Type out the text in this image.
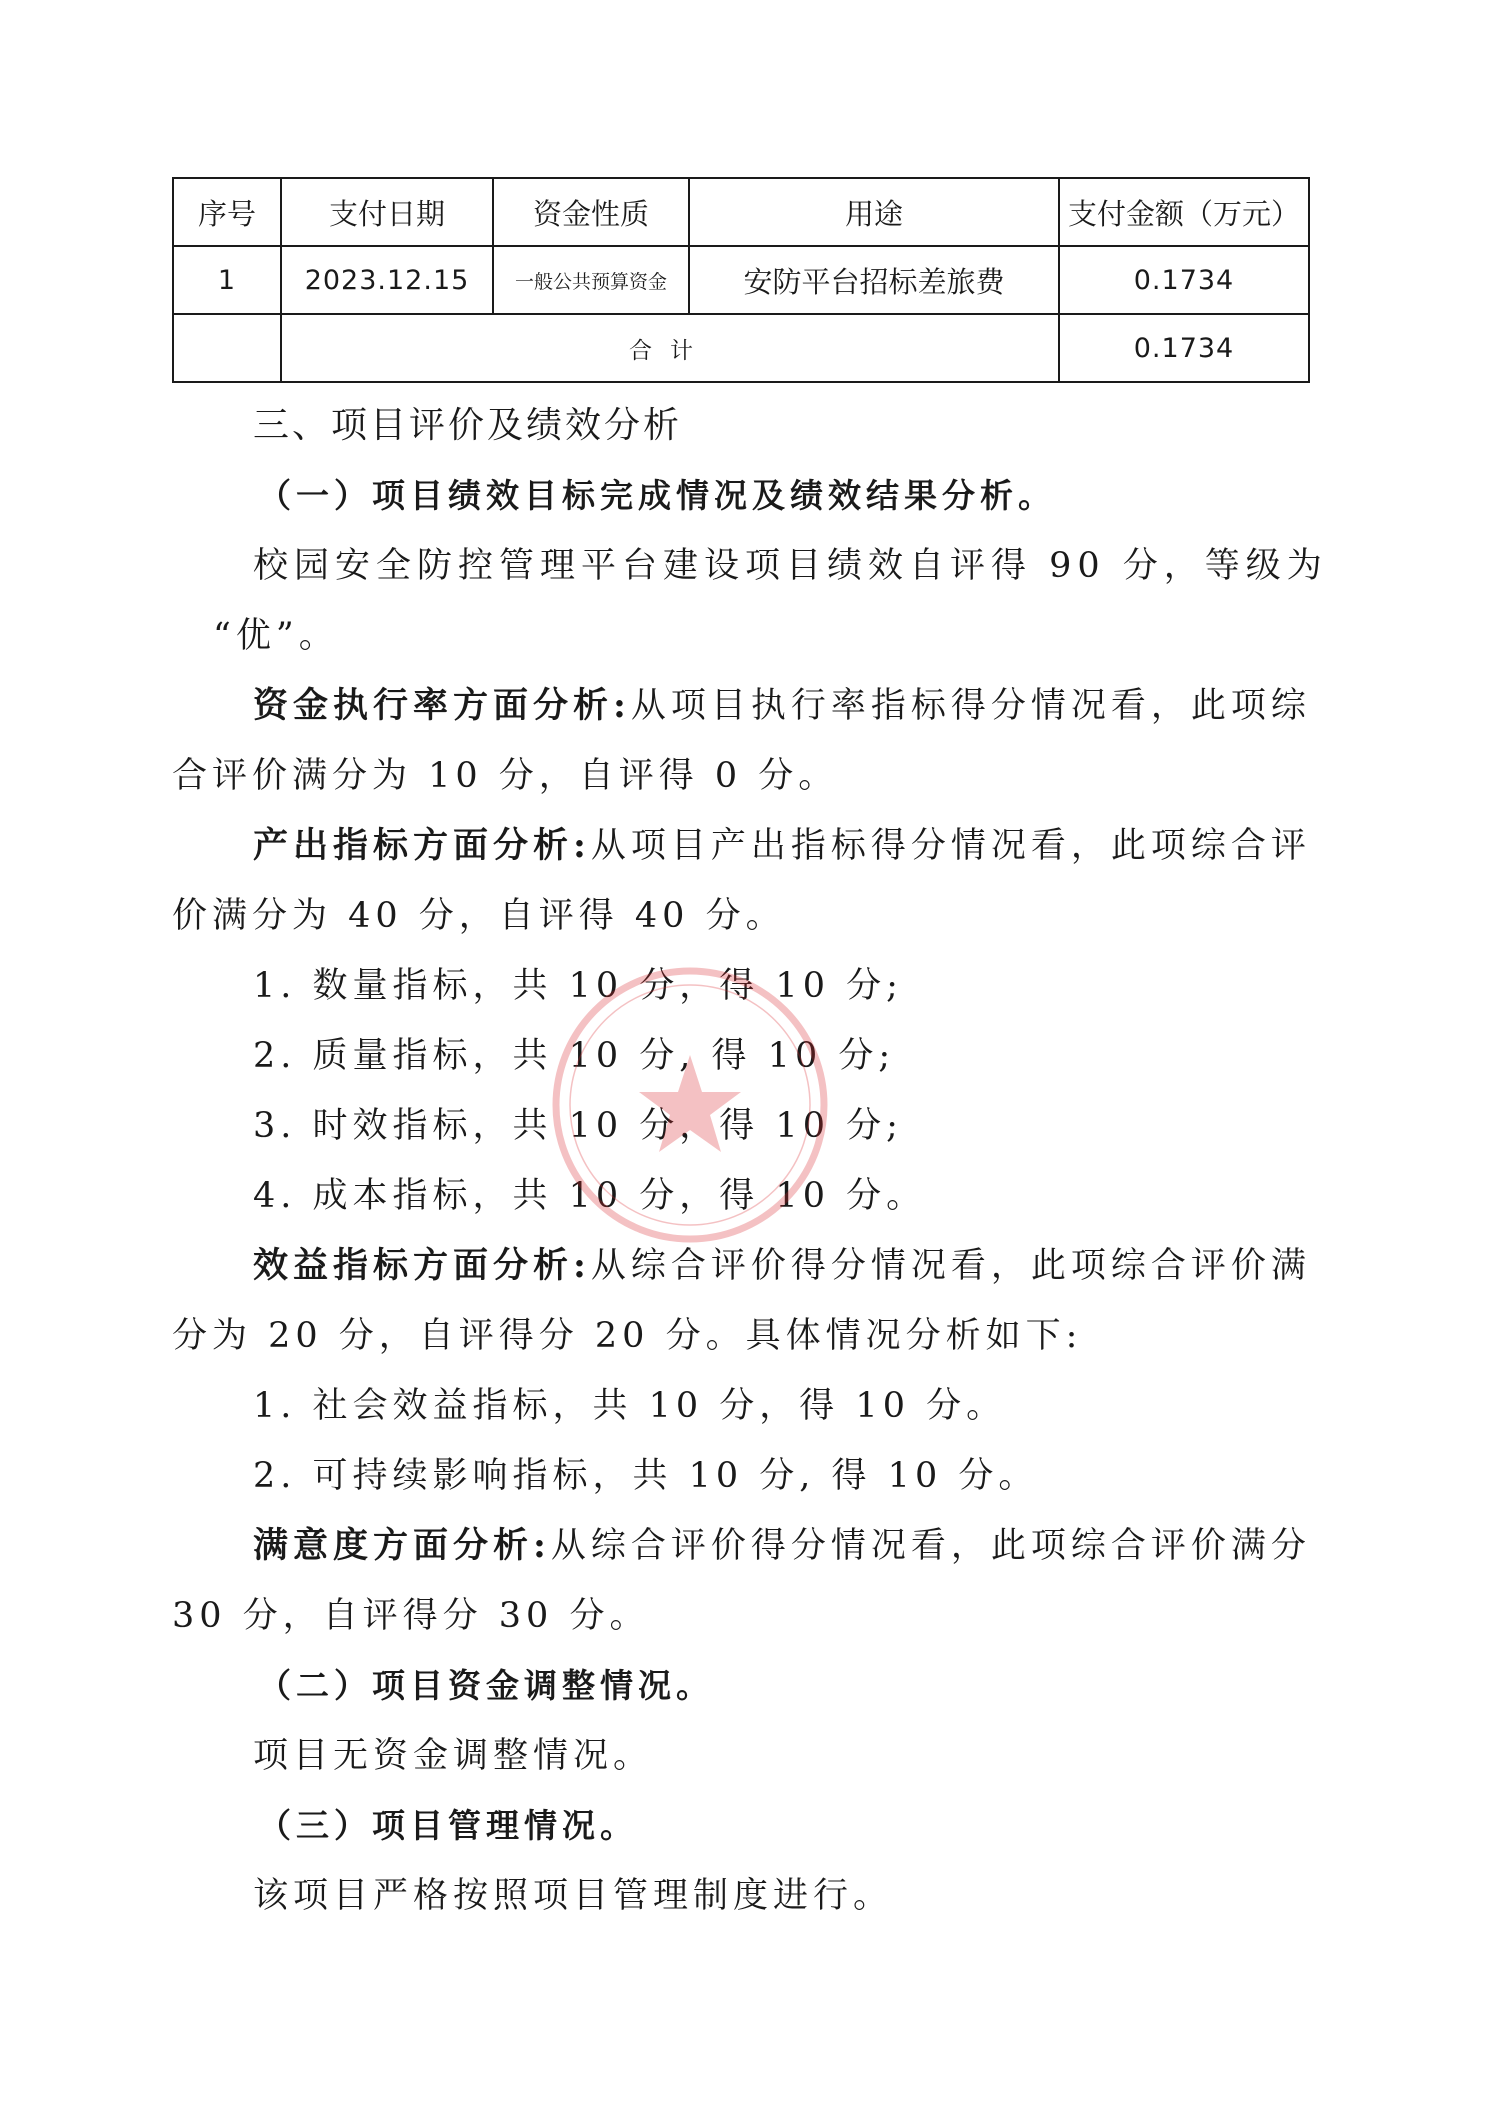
序号	支付日期	资金性质	用途	支付金额（万元）
1	2023.12.15	一般公共预算资金	安防平台招标差旅费	0.1734
	合计			0.1734
三、项目评价及绩效分析
（一）项目绩效目标完成情况及绩效结果分析。
校园安全防控管理平台建设项目绩效自评得 90 分，等级为
“优”。
资金执行率方面分析:从项目执行率指标得分情况看，此项综
合评价满分为 10 分，自评得 0 分。
产出指标方面分析:从项目产出指标得分情况看，此项综合评
价满分为 40 分，自评得 40 分。
1. 数量指标，共 10 分，得 10 分;
2. 质量指标，共 10 分, 得 10 分;
3. 时效指标，共 10 分，得 10 分;
4. 成本指标，共 10 分，得 10 分。
效益指标方面分析:从综合评价得分情况看，此项综合评价满
分为 20 分，自评得分 20 分。具体情况分析如下:
1. 社会效益指标，共 10 分，得 10 分。
2. 可持续影响指标，共 10 分, 得 10 分。
满意度方面分析:从综合评价得分情况看，此项综合评价满分
30 分，自评得分 30 分。
（二）项目资金调整情况。
项目无资金调整情况。
（三）项目管理情况。
该项目严格按照项目管理制度进行。
